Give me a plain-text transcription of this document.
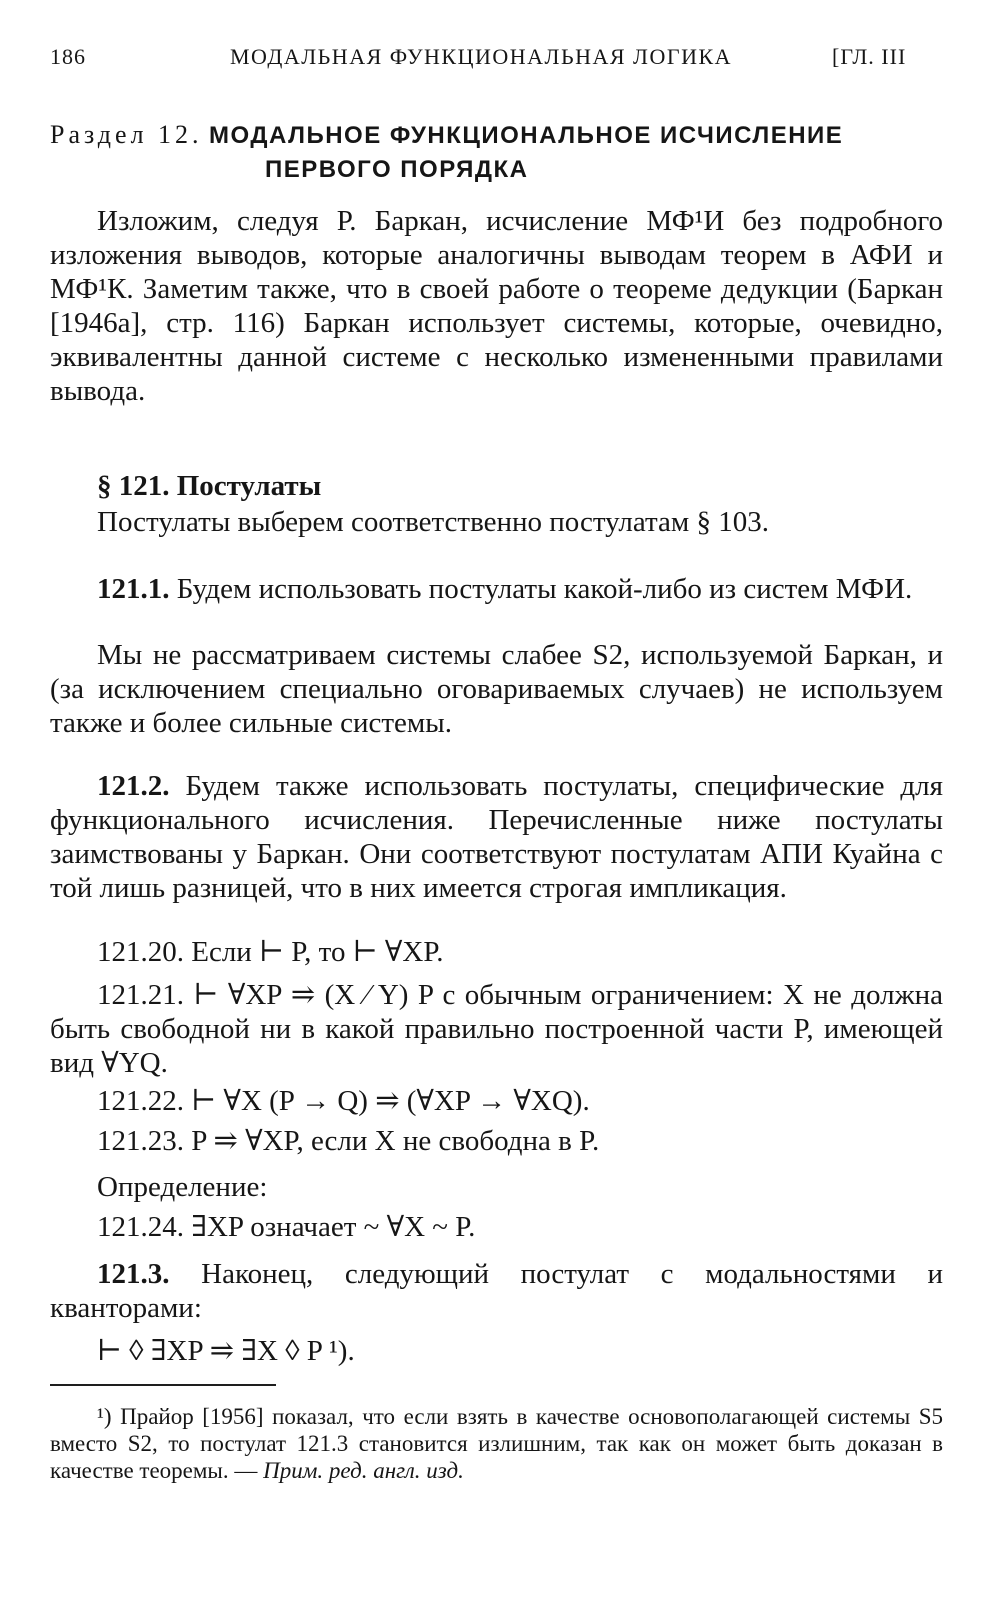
186	МОДАЛЬНАЯ ФУНКЦИОНАЛЬНАЯ ЛОГИКА	[ГЛ. III
Раздел 12. МОДАЛЬНОЕ ФУНКЦИОНАЛЬНОЕ ИСЧИСЛЕНИЕ
ПЕРВОГО ПОРЯДКА
Изложим, следуя Р. Баркан, исчисление МФ¹И без подробного изложения выводов, которые аналогичны выводам теорем в АФИ и МФ¹К. Заметим также, что в своей работе о теореме дедукции (Баркан [1946а], стр. 116) Баркан использует системы, которые, очевидно, эквивалентны данной системе с несколько измененными правилами вывода.
§ 121. Постулаты
Постулаты выберем соответственно постулатам § 103.
121.1. Будем использовать постулаты какой-либо из систем МФИ.
Мы не рассматриваем системы слабее S2, используемой Баркан, и (за исключением специально оговариваемых случаев) не используем также и более сильные системы.
121.2. Будем также использовать постулаты, специфические для функционального исчисления. Перечисленные ниже постулаты заимствованы у Баркан. Они соответствуют постулатам АПИ Куайна с той лишь разницей, что в них имеется строгая импликация.
121.20. Если ⊢ P, то ⊢ ∀XP.
121.21. ⊢ ∀XP ⥤ (X ⁄ Y) P с обычным ограничением: X не должна быть свободной ни в какой правильно построенной части P, имеющей вид ∀YQ.
121.22. ⊢ ∀X (P → Q) ⥤ (∀XP → ∀XQ).
121.23. P ⥤ ∀XP, если X не свободна в P.
Определение:
121.24. ∃XP означает ~ ∀X ~ P.
121.3. Наконец, следующий постулат с модальностями и кванторами:
⊢ ◊ ∃XP ⥤ ∃X ◊ P ¹).
¹) Прайор [1956] показал, что если взять в качестве основополагающей системы S5 вместо S2, то постулат 121.3 становится излишним, так как он может быть доказан в качестве теоремы. — Прим. ред. англ. изд.
